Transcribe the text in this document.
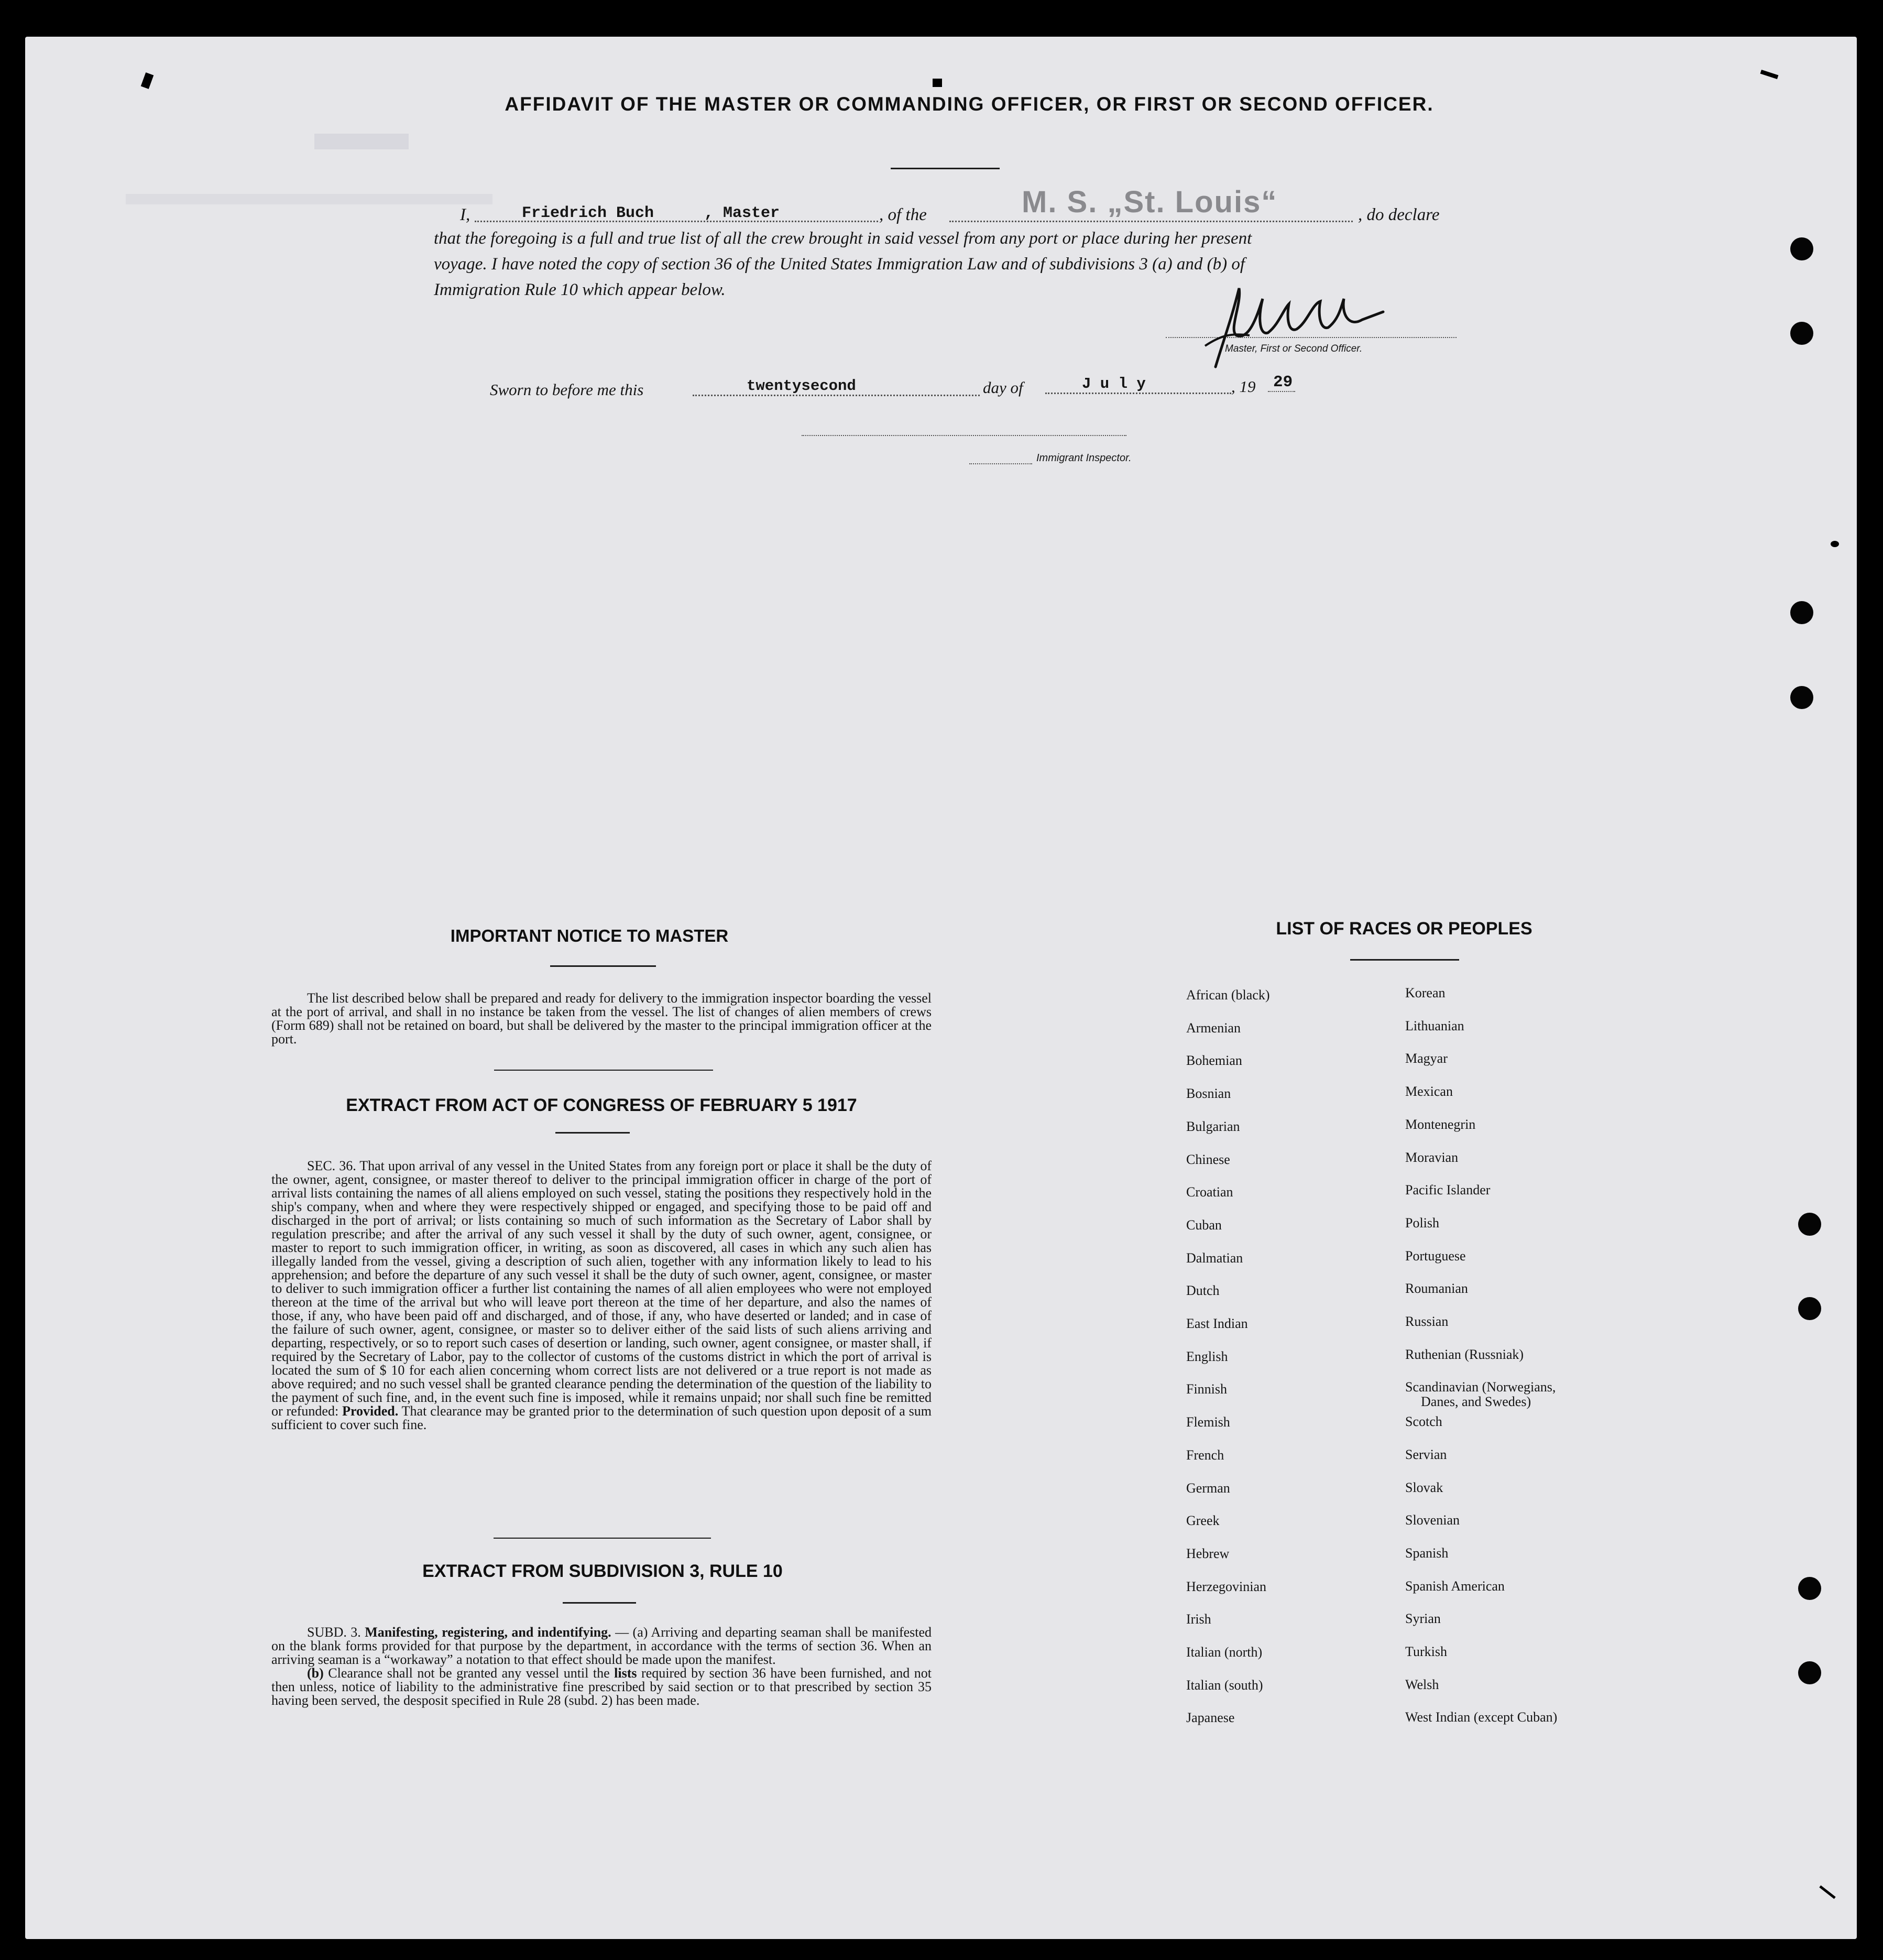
AFFIDAVIT OF THE MASTER OR COMMANDING OFFICER, OR FIRST OR SECOND OFFICER.
I,	Friedrich Buch	, Master	, of the	M. S. „St. Louis“	, do declare
that the foregoing is a full and true list of all the crew brought in said vessel from any port or place during her present
voyage. I have noted the copy of section 36 of the United States Immigration Law and of subdivisions 3 (a) and (b) of
Immigration Rule 10 which appear below.
Master, First or Second Officer.
Sworn to before me this	twentysecond	day of	J u l y	, 19 29
Immigrant Inspector.
IMPORTANT NOTICE TO MASTER
The list described below shall be prepared and ready for delivery to the immigration inspector boarding the vessel at the port of arrival, and shall in no instance be taken from the vessel. The list of changes of alien members of crews (Form 689) shall not be retained on board, but shall be delivered by the master to the principal immigration officer at the port.
EXTRACT FROM ACT OF CONGRESS OF FEBRUARY 5 1917
SEC. 36. That upon arrival of any vessel in the United States from any foreign port or place it shall be the duty of the owner, agent, consignee, or master thereof to deliver to the principal immigration officer in charge of the port of arrival lists containing the names of all aliens employed on such vessel, stating the positions they respectively hold in the ship's company, when and where they were respectively shipped or engaged, and specifying those to be paid off and discharged in the port of arrival; or lists containing so much of such information as the Secretary of Labor shall by regulation prescribe; and after the arrival of any such vessel it shall by the duty of such owner, agent, consignee, or master to report to such immigration officer, in writing, as soon as discovered, all cases in which any such alien has illegally landed from the vessel, giving a description of such alien, together with any information likely to lead to his apprehension; and before the departure of any such vessel it shall be the duty of such owner, agent, consignee, or master to deliver to such immigration officer a further list containing the names of all alien employees who were not employed thereon at the time of the arrival but who will leave port thereon at the time of her departure, and also the names of those, if any, who have been paid off and discharged, and of those, if any, who have deserted or landed; and in case of the failure of such owner, agent, consignee, or master so to deliver either of the said lists of such aliens arriving and departing, respectively, or so to report such cases of desertion or landing, such owner, agent consignee, or master shall, if required by the Secretary of Labor, pay to the collector of customs of the customs district in which the port of arrival is located the sum of $ 10 for each alien concerning whom correct lists are not delivered or a true report is not made as above required; and no such vessel shall be granted clearance pending the determination of the question of the liability to the payment of such fine, and, in the event such fine is imposed, while it remains unpaid; nor shall such fine be remitted or refunded: Provided. That clearance may be granted prior to the determination of such question upon deposit of a sum sufficient to cover such fine.
EXTRACT FROM SUBDIVISION 3, RULE 10
SUBD. 3. Manifesting, registering, and indentifying. — (a) Arriving and departing seaman shall be manifested on the blank forms provided for that purpose by the department, in accordance with the terms of section 36. When an arriving seaman is a “workaway” a notation to that effect should be made upon the manifest.
(b) Clearance shall not be granted any vessel until the lists required by section 36 have been furnished, and not then unless, notice of liability to the administrative fine prescribed by said section or to that prescribed by section 35 having been served, the desposit specified in Rule 28 (subd. 2) has been made.
LIST OF RACES OR PEOPLES
African (black)
Armenian
Bohemian
Bosnian
Bulgarian
Chinese
Croatian
Cuban
Dalmatian
Dutch
East Indian
English
Finnish
Flemish
French
German
Greek
Hebrew
Herzegovinian
Irish
Italian (north)
Italian (south)
Japanese
Korean
Lithuanian
Magyar
Mexican
Montenegrin
Moravian
Pacific Islander
Polish
Portuguese
Roumanian
Russian
Ruthenian (Russniak)
Scandinavian (Norwegians,
Danes, and Swedes)
Scotch
Servian
Slovak
Slovenian
Spanish
Spanish American
Syrian
Turkish
Welsh
West Indian (except Cuban)
